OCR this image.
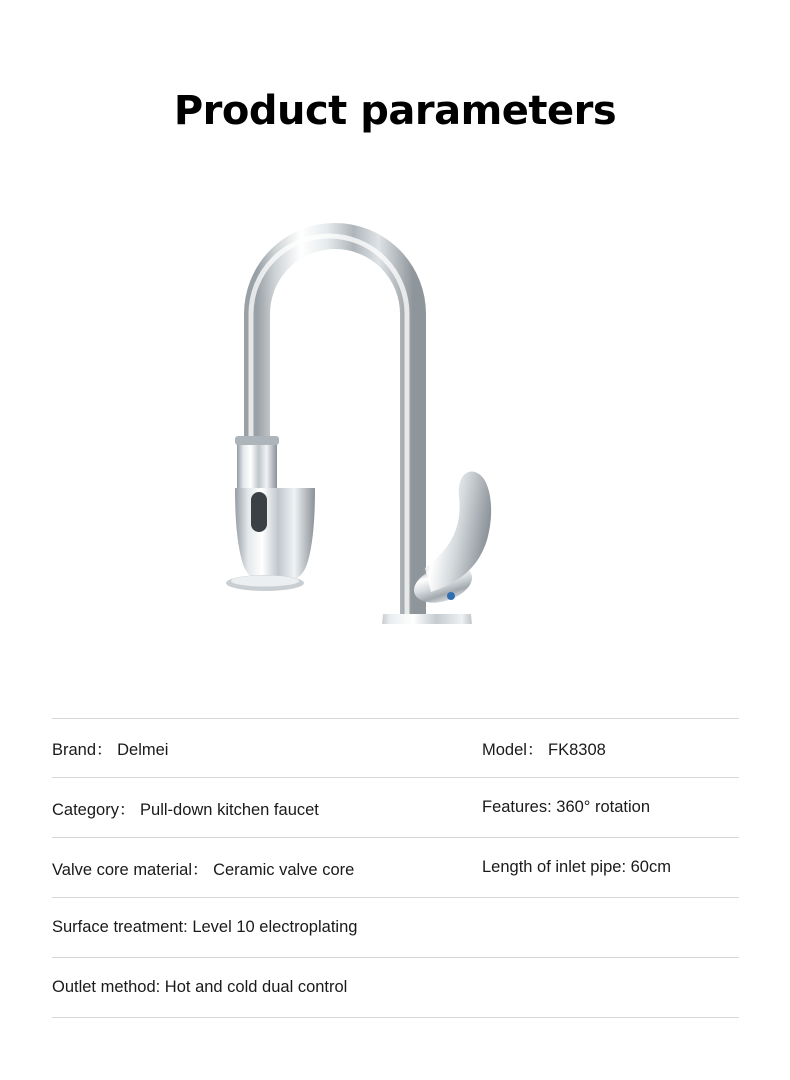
Product parameters
Brand： Delmei	Model： FK8308
Category： Pull-down kitchen faucet	Features: 360° rotation
Valve core material： Ceramic valve core	Length of inlet pipe: 60cm
Surface treatment: Level 10 electroplating
Outlet method: Hot and cold dual control
